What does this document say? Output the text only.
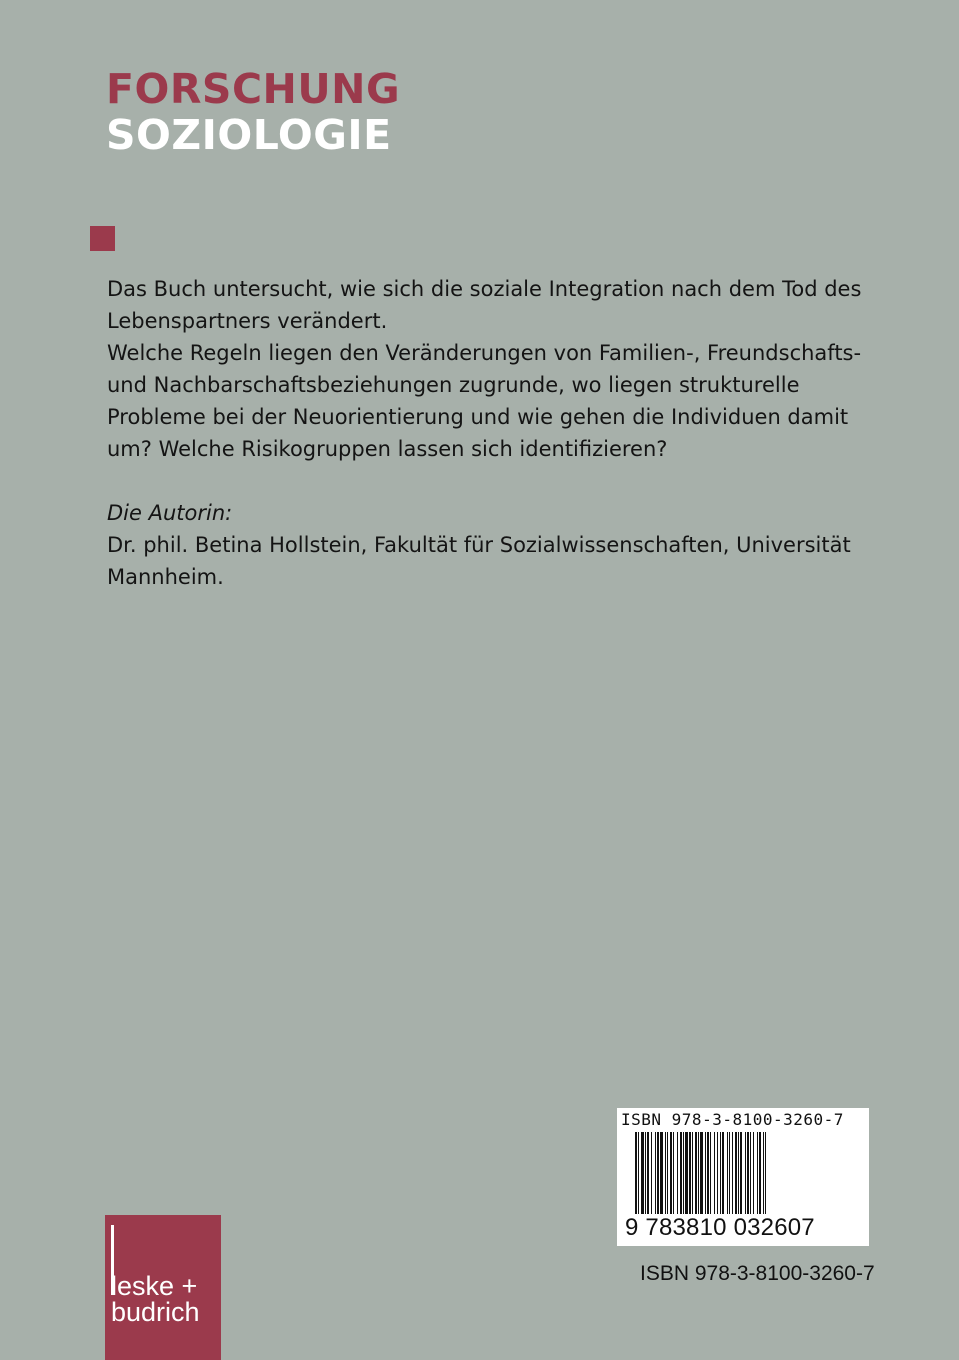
FORSCHUNG
SOZIOLOGIE

Das Buch untersucht, wie sich die soziale Integration nach dem Tod des Lebenspartners verändert.

Welche Regeln liegen den Veränderungen von Familien-, Freundschafts- und Nachbarschaftsbeziehungen zugrunde, wo liegen strukturelle Probleme bei der Neuorientierung und wie gehen die Individuen damit um? Welche Risikogruppen lassen sich identifizieren?

Die Autorin:

Dr. phil. Betina Hollstein, Fakultät für Sozialwissenschaften, Universität Mannheim.

ISBN 978-3-8100-3260-7
9 783810 032607
ISBN 978-3-8100-3260-7
leske +
budrich
